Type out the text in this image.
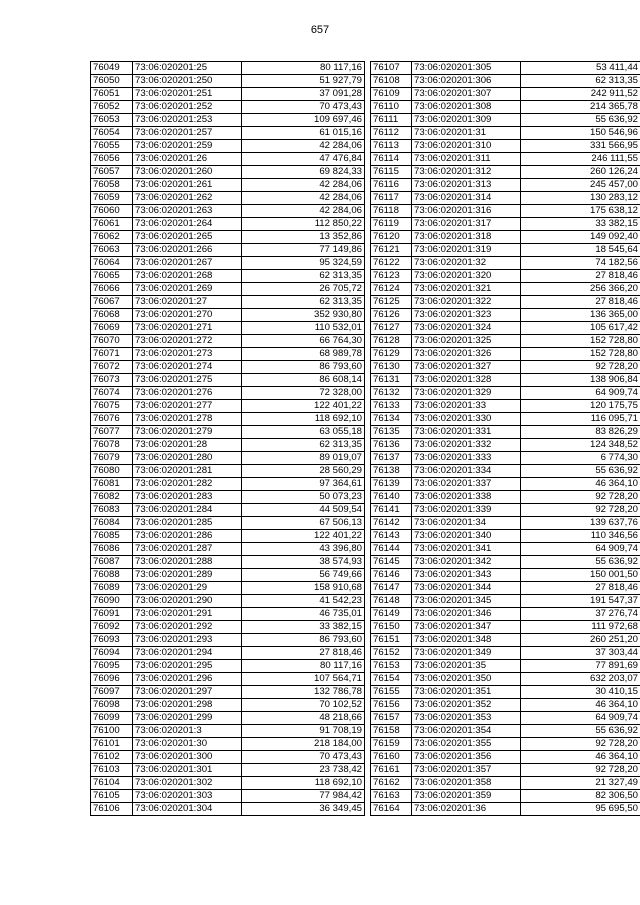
657
76049	73:06:020201:25	80 117,16
76050	73:06:020201:250	51 927,79
76051	73:06:020201:251	37 091,28
76052	73:06:020201:252	70 473,43
76053	73:06:020201:253	109 697,46
76054	73:06:020201:257	61 015,16
76055	73:06:020201:259	42 284,06
76056	73:06:020201:26	47 476,84
76057	73:06:020201:260	69 824,33
76058	73:06:020201:261	42 284,06
76059	73:06:020201:262	42 284,06
76060	73:06:020201:263	42 284,06
76061	73:06:020201:264	112 850,22
76062	73:06:020201:265	13 352,86
76063	73:06:020201:266	77 149,86
76064	73:06:020201:267	95 324,59
76065	73:06:020201:268	62 313,35
76066	73:06:020201:269	26 705,72
76067	73:06:020201:27	62 313,35
76068	73:06:020201:270	352 930,80
76069	73:06:020201:271	110 532,01
76070	73:06:020201:272	66 764,30
76071	73:06:020201:273	68 989,78
76072	73:06:020201:274	86 793,60
76073	73:06:020201:275	86 608,14
76074	73:06:020201:276	72 328,00
76075	73:06:020201:277	122 401,22
76076	73:06:020201:278	118 692,10
76077	73:06:020201:279	63 055,18
76078	73:06:020201:28	62 313,35
76079	73:06:020201:280	89 019,07
76080	73:06:020201:281	28 560,29
76081	73:06:020201:282	97 364,61
76082	73:06:020201:283	50 073,23
76083	73:06:020201:284	44 509,54
76084	73:06:020201:285	67 506,13
76085	73:06:020201:286	122 401,22
76086	73:06:020201:287	43 396,80
76087	73:06:020201:288	38 574,93
76088	73:06:020201:289	56 749,66
76089	73:06:020201:29	158 910,68
76090	73:06:020201:290	41 542,23
76091	73:06:020201:291	46 735,01
76092	73:06:020201:292	33 382,15
76093	73:06:020201:293	86 793,60
76094	73:06:020201:294	27 818,46
76095	73:06:020201:295	80 117,16
76096	73:06:020201:296	107 564,71
76097	73:06:020201:297	132 786,78
76098	73:06:020201:298	70 102,52
76099	73:06:020201:299	48 218,66
76100	73:06:020201:3	91 708,19
76101	73:06:020201:30	218 184,00
76102	73:06:020201:300	70 473,43
76103	73:06:020201:301	23 738,42
76104	73:06:020201:302	118 692,10
76105	73:06:020201:303	77 984,42
76106	73:06:020201:304	36 349,45
76107	73:06:020201:305	53 411,44
76108	73:06:020201:306	62 313,35
76109	73:06:020201:307	242 911,52
76110	73:06:020201:308	214 365,78
76111	73:06:020201:309	55 636,92
76112	73:06:020201:31	150 546,96
76113	73:06:020201:310	331 566,95
76114	73:06:020201:311	246 111,55
76115	73:06:020201:312	260 126,24
76116	73:06:020201:313	245 457,00
76117	73:06:020201:314	130 283,12
76118	73:06:020201:316	175 638,12
76119	73:06:020201:317	33 382,15
76120	73:06:020201:318	149 092,40
76121	73:06:020201:319	18 545,64
76122	73:06:020201:32	74 182,56
76123	73:06:020201:320	27 818,46
76124	73:06:020201:321	256 366,20
76125	73:06:020201:322	27 818,46
76126	73:06:020201:323	136 365,00
76127	73:06:020201:324	105 617,42
76128	73:06:020201:325	152 728,80
76129	73:06:020201:326	152 728,80
76130	73:06:020201:327	92 728,20
76131	73:06:020201:328	138 906,84
76132	73:06:020201:329	64 909,74
76133	73:06:020201:33	120 175,75
76134	73:06:020201:330	116 095,71
76135	73:06:020201:331	83 826,29
76136	73:06:020201:332	124 348,52
76137	73:06:020201:333	6 774,30
76138	73:06:020201:334	55 636,92
76139	73:06:020201:337	46 364,10
76140	73:06:020201:338	92 728,20
76141	73:06:020201:339	92 728,20
76142	73:06:020201:34	139 637,76
76143	73:06:020201:340	110 346,56
76144	73:06:020201:341	64 909,74
76145	73:06:020201:342	55 636,92
76146	73:06:020201:343	150 001,50
76147	73:06:020201:344	27 818,46
76148	73:06:020201:345	191 547,37
76149	73:06:020201:346	37 276,74
76150	73:06:020201:347	111 972,68
76151	73:06:020201:348	260 251,20
76152	73:06:020201:349	37 303,44
76153	73:06:020201:35	77 891,69
76154	73:06:020201:350	632 203,07
76155	73:06:020201:351	30 410,15
76156	73:06:020201:352	46 364,10
76157	73:06:020201:353	64 909,74
76158	73:06:020201:354	55 636,92
76159	73:06:020201:355	92 728,20
76160	73:06:020201:356	46 364,10
76161	73:06:020201:357	92 728,20
76162	73:06:020201:358	21 327,49
76163	73:06:020201:359	82 306,50
76164	73:06:020201:36	95 695,50
